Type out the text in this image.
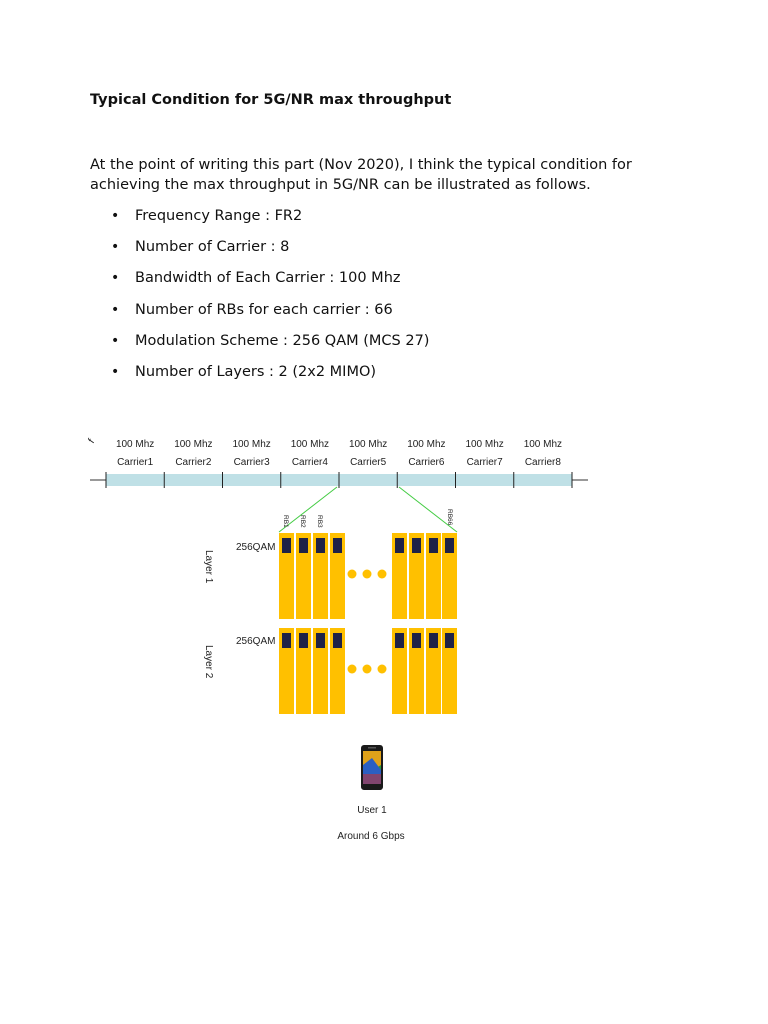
Typical Condition for 5G/NR max throughput

At the point of writing this part (Nov 2020), I think the typical condition for achieving the max throughput in 5G/NR can be illustrated as follows.

• Frequency Range : FR2
• Number of Carrier : 8
• Bandwidth of Each Carrier : 100 Mhz
• Number of RBs for each carrier : 66
• Modulation Scheme : 256 QAM (MCS 27)
• Number of Layers : 2 (2x2 MIMO)
f 100 Mhz
Carrier1
100 Mhz
Carrier2
100 Mhz
Carrier3
100 Mhz
Carrier4
100 Mhz
Carrier5
100 Mhz
Carrier6
100 Mhz
Carrier7
100 Mhz
Carrier8
RB1 RB2 RB3	RB66
Layer 1
256QAM
Layer 2
256QAM
User 1
Around 6 Gbps
